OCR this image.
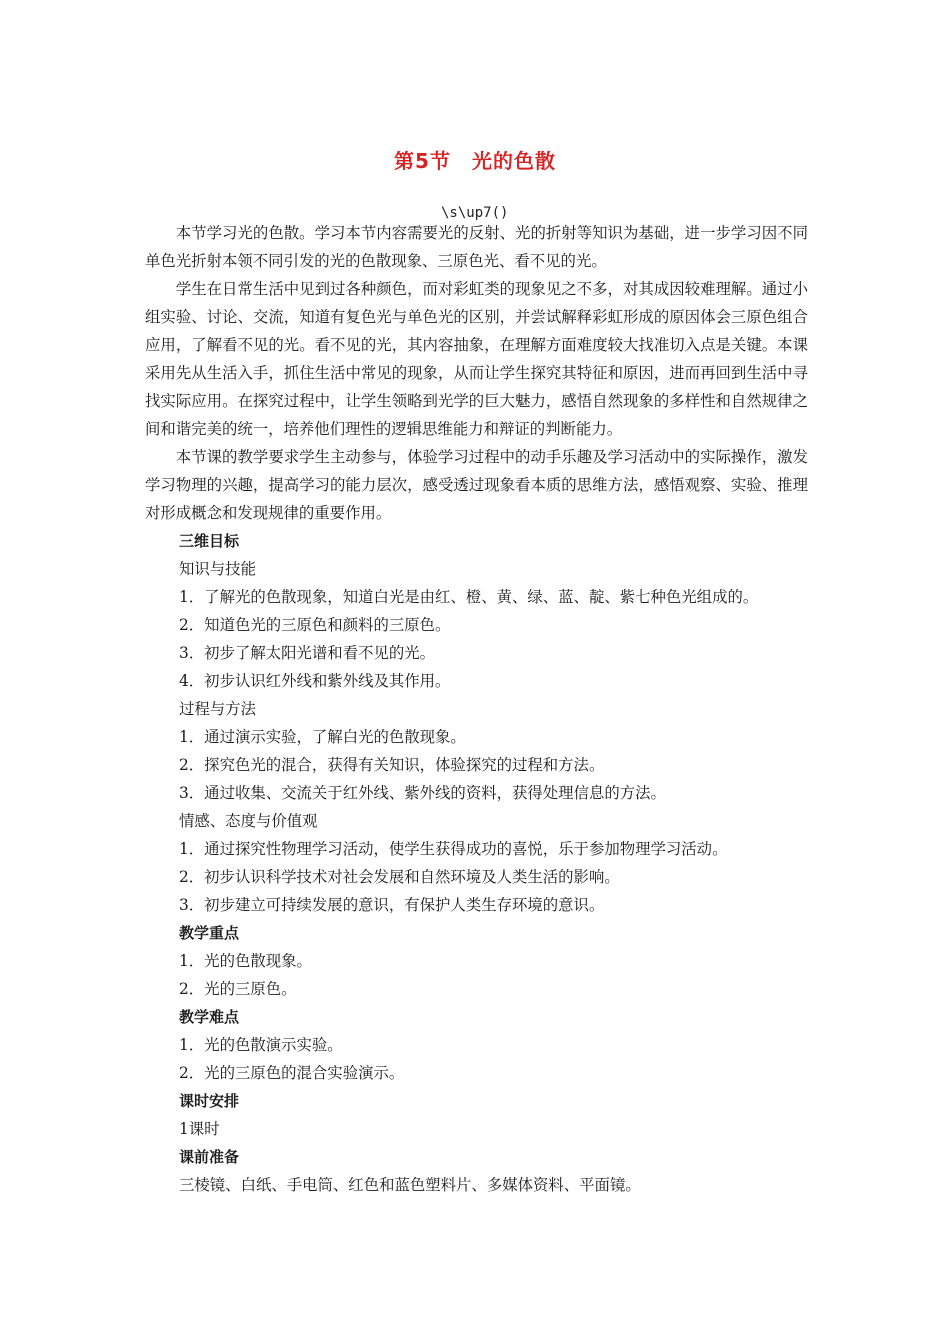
第5节　光的色散
\s\up7()

本节学习光的色散。学习本节内容需要光的反射、光的折射等知识为基础，进一步学习因不同单色光折射本领不同引发的光的色散现象、三原色光、看不见的光。

学生在日常生活中见到过各种颜色，而对彩虹类的现象见之不多，对其成因较难理解。通过小组实验、讨论、交流，知道有复色光与单色光的区别，并尝试解释彩虹形成的原因体会三原色组合应用，了解看不见的光。看不见的光，其内容抽象，在理解方面难度较大找准切入点是关键。本课采用先从生活入手，抓住生活中常见的现象，从而让学生探究其特征和原因，进而再回到生活中寻找实际应用。在探究过程中，让学生领略到光学的巨大魅力，感悟自然现象的多样性和自然规律之间和谐完美的统一，培养他们理性的逻辑思维能力和辩证的判断能力。

本节课的教学要求学生主动参与，体验学习过程中的动手乐趣及学习活动中的实际操作，激发学习物理的兴趣，提高学习的能力层次，感受透过现象看本质的思维方法，感悟观察、实验、推理对形成概念和发现规律的重要作用。

三维目标

知识与技能

1．了解光的色散现象，知道白光是由红、橙、黄、绿、蓝、靛、紫七种色光组成的。

2．知道色光的三原色和颜料的三原色。

3．初步了解太阳光谱和看不见的光。

4．初步认识红外线和紫外线及其作用。

过程与方法

1．通过演示实验，了解白光的色散现象。

2．探究色光的混合，获得有关知识，体验探究的过程和方法。

3．通过收集、交流关于红外线、紫外线的资料，获得处理信息的方法。

情感、态度与价值观

1．通过探究性物理学习活动，使学生获得成功的喜悦，乐于参加物理学习活动。

2．初步认识科学技术对社会发展和自然环境及人类生活的影响。

3．初步建立可持续发展的意识，有保护人类生存环境的意识。

教学重点

1．光的色散现象。

2．光的三原色。

教学难点

1．光的色散演示实验。

2．光的三原色的混合实验演示。

课时安排

1课时

课前准备

三棱镜、白纸、手电筒、红色和蓝色塑料片、多媒体资料、平面镜。
